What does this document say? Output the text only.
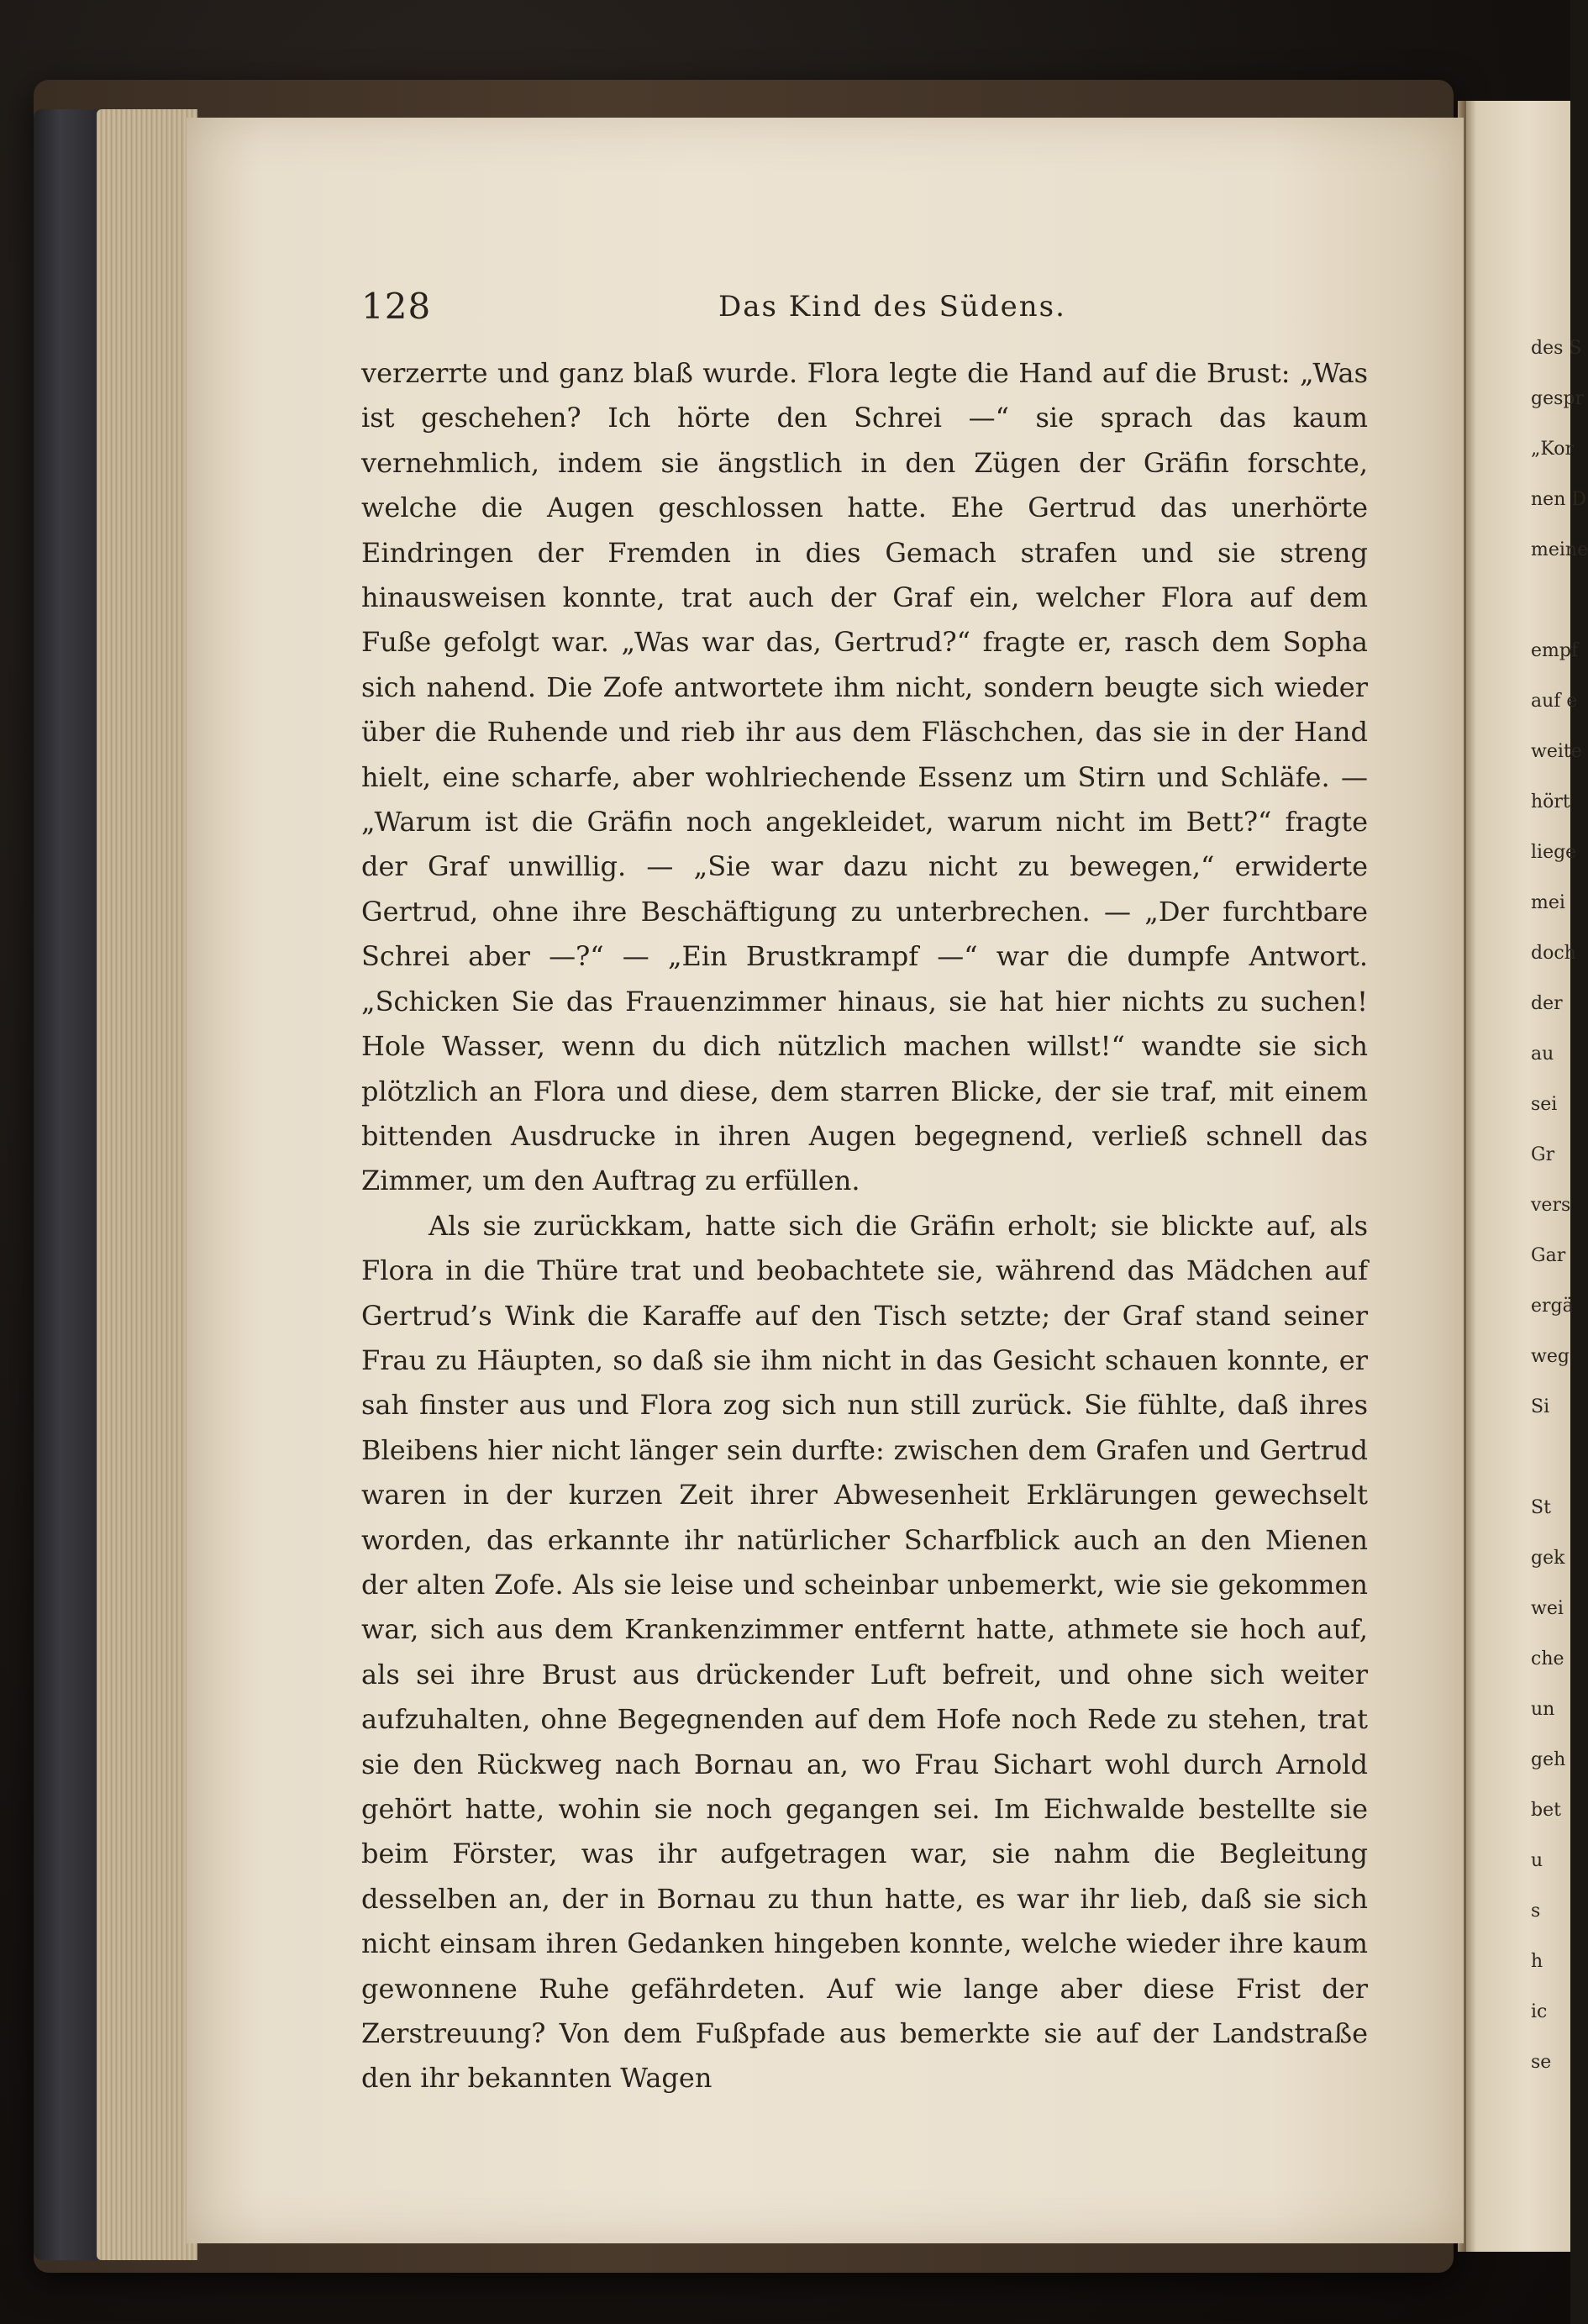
128	Das Kind des Südens.

verzerrte und ganz blaß wurde. Flora legte die Hand auf die Brust: „Was ist geschehen? Ich hörte den Schrei —“ sie sprach das kaum vernehmlich, indem sie ängstlich in den Zügen der Gräfin forschte, welche die Augen geschlossen hatte. Ehe Gertrud das unerhörte Eindringen der Fremden in dies Gemach strafen und sie streng hinausweisen konnte, trat auch der Graf ein, welcher Flora auf dem Fuße gefolgt war. „Was war das, Gertrud?“ fragte er, rasch dem Sopha sich nahend. Die Zofe antwortete ihm nicht, sondern beugte sich wieder über die Ruhende und rieb ihr aus dem Fläschchen, das sie in der Hand hielt, eine scharfe, aber wohlriechende Essenz um Stirn und Schläfe. — „Warum ist die Gräfin noch angekleidet, warum nicht im Bett?“ fragte der Graf unwillig. — „Sie war dazu nicht zu bewegen,“ erwiderte Gertrud, ohne ihre Beschäftigung zu unterbrechen. — „Der furchtbare Schrei aber —?“ — „Ein Brustkrampf —“ war die dumpfe Antwort. „Schicken Sie das Frauenzimmer hinaus, sie hat hier nichts zu suchen! Hole Wasser, wenn du dich nützlich machen willst!“ wandte sie sich plötzlich an Flora und diese, dem starren Blicke, der sie traf, mit einem bittenden Ausdrucke in ihren Augen begegnend, verließ schnell das Zimmer, um den Auftrag zu erfüllen.

Als sie zurückkam, hatte sich die Gräfin erholt; sie blickte auf, als Flora in die Thüre trat und beobachtete sie, während das Mädchen auf Gertrud’s Wink die Karaffe auf den Tisch setzte; der Graf stand seiner Frau zu Häupten, so daß sie ihm nicht in das Gesicht schauen konnte, er sah finster aus und Flora zog sich nun still zurück. Sie fühlte, daß ihres Bleibens hier nicht länger sein durfte: zwischen dem Grafen und Gertrud waren in der kurzen Zeit ihrer Abwesenheit Erklärungen gewechselt worden, das erkannte ihr natürlicher Scharfblick auch an den Mienen der alten Zofe. Als sie leise und scheinbar unbemerkt, wie sie gekommen war, sich aus dem Krankenzimmer entfernt hatte, athmete sie hoch auf, als sei ihre Brust aus drückender Luft befreit, und ohne sich weiter aufzuhalten, ohne Begegnenden auf dem Hofe noch Rede zu stehen, trat sie den Rückweg nach Bornau an, wo Frau Sichart wohl durch Arnold gehört hatte, wohin sie noch gegangen sei. Im Eichwalde bestellte sie beim Förster, was ihr aufgetragen war, sie nahm die Begleitung desselben an, der in Bornau zu thun hatte, es war ihr lieb, daß sie sich nicht einsam ihren Gedanken hingeben konnte, welche wieder ihre kaum gewonnene Ruhe gefährdeten. Auf wie lange aber diese Frist der Zerstreuung? Von dem Fußpfade aus bemerkte sie auf der Landstraße den ihr bekannten Wagen

des S
gespr
„Kor
nen D
meine
empf
auf e
weite
hört
liege
mei
doch
der
au
sei
Gr
vers
Gar
ergä
weg
Si
St
gek
wei
che
un
geh
bet
u
s
h
ic
se
